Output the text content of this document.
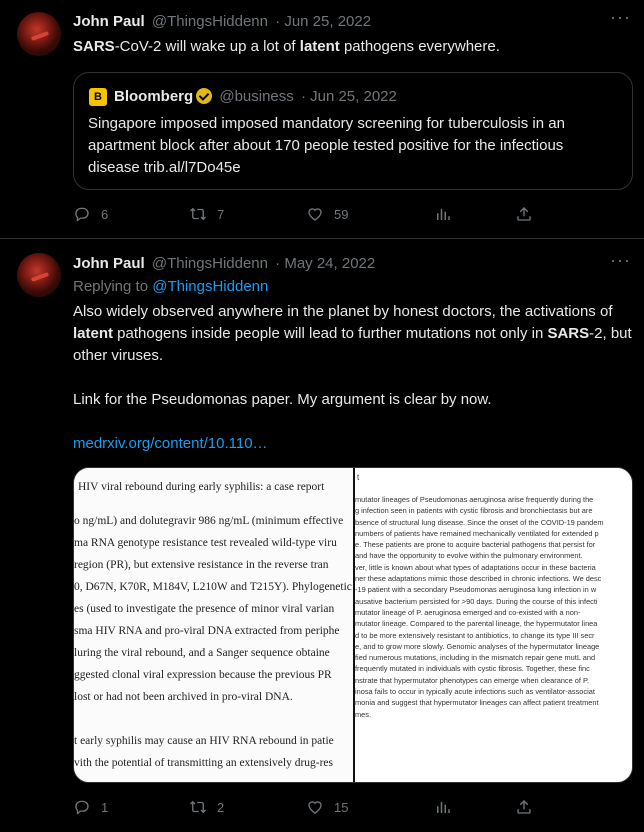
John Paul @ThingsHiddenn · Jun 25, 2022	···
SARS-CoV-2 will wake up a lot of latent pathogens everywhere.
B Bloomberg @business · Jun 25, 2022
Singapore imposed imposed mandatory screening for tuberculosis in an apartment block after about 170 people tested positive for the infectious disease trib.al/l7Do45e
6	7	59
John Paul @ThingsHiddenn · May 24, 2022	···
Replying to @ThingsHiddenn
Also widely observed anywhere in the planet by honest doctors, the activations of latent pathogens inside people will lead to further mutations not only in SARS-2, but other viruses.
Link for the Pseudomonas paper. My argument is clear by now.
medrxiv.org/content/10.110…
HIV viral rebound during early syphilis: a case report
o ng/mL) and dolutegravir 986 ng/mL (minimum effective
ma RNA genotype resistance test revealed wild-type viru
region (PR), but extensive resistance in the reverse tran
0, D67N, K70R, M184V, L210W and T215Y). Phylogenetic
es (used to investigate the presence of minor viral varian
sma HIV RNA and pro-viral DNA extracted from periphe
luring the viral rebound, and a Sanger sequence obtaine
ggested clonal viral expression because the previous PR
lost or had not been archived in pro-viral DNA.
t early syphilis may cause an HIV RNA rebound in patie
vith the potential of transmitting an extensively drug-res
t
mutator lineages of Pseudomonas aeruginosa arise frequently during the
g infection seen in patients with cystic fibrosis and bronchiectasis but are
bsence of structural lung disease. Since the onset of the COVID-19 pandem
numbers of patients have remained mechanically ventilated for extended p
e. These patients are prone to acquire bacterial pathogens that persist for
and have the opportunity to evolve within the pulmonary environment.
ver, little is known about what types of adaptations occur in these bacteria
ner these adaptations mimic those described in chronic infections. We desc
-19 patient with a secondary Pseudomonas aeruginosa lung infection in w
ausative bacterium persisted for >90 days. During the course of this infecti
mutator lineage of P. aeruginosa emerged and co-existed with a non-
mutator lineage. Compared to the parental lineage, the hypermutator linea
d to be more extensively resistant to antibiotics, to change its type III secr
e, and to grow more slowly. Genomic analyses of the hypermutator lineage
fied numerous mutations, including in the mismatch repair gene mutL and
frequently mutated in individuals with cystic fibrosis. Together, these finc
nstrate that hypermutator phenotypes can emerge when clearance of P.
inosa fails to occur in typically acute infections such as ventilator-associat
monia and suggest that hypermutator lineages can affect patient treatment
mes.
1	2	15
